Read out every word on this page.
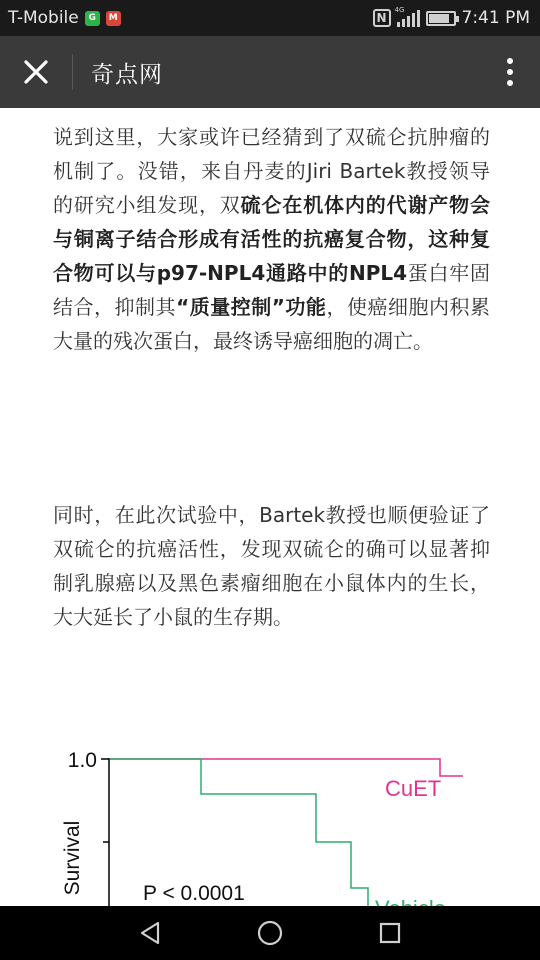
T-Mobile	G	M	N
4G	7:41 PM
奇点网

说到这里，大家或许已经猜到了双硫仑抗肿瘤的机制了。没错，来自丹麦的Jiri Bartek教授领导的研究小组发现，双硫仑在机体内的代谢产物会与铜离子结合形成有活性的抗癌复合物，这种复合物可以与p97-NPL4通路中的NPL4蛋白牢固结合，抑制其“质量控制”功能，使癌细胞内积累大量的残次蛋白，最终诱导癌细胞的凋亡。

同时，在此次试验中，Bartek教授也顺便验证了双硫仑的抗癌活性，发现双硫仑的确可以显著抑制乳腺癌以及黑色素瘤细胞在小鼠体内的生长，大大延长了小鼠的生存期。

1.0
Survival
CuET
P < 0.0001
